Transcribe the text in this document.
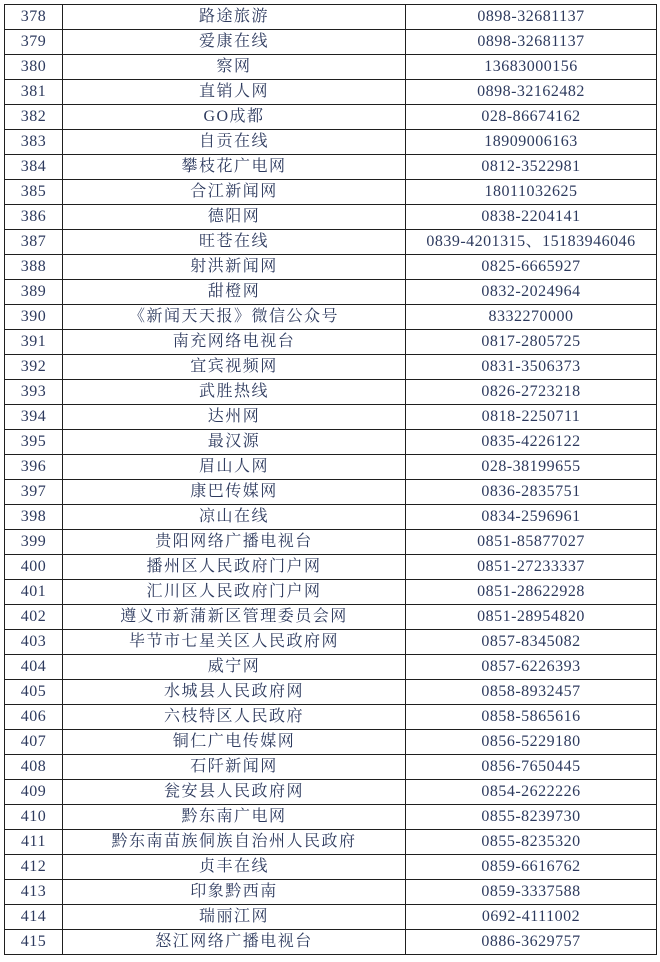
378	路途旅游	0898-32681137
379	爱康在线	0898-32681137
380	察网	13683000156
381	直销人网	0898-32162482
382	GO成都	028-86674162
383	自贡在线	18909006163
384	攀枝花广电网	0812-3522981
385	合江新闻网	18011032625
386	德阳网	0838-2204141
387	旺苍在线	0839-4201315、15183946046
388	射洪新闻网	0825-6665927
389	甜橙网	0832-2024964
390	《新闻天天报》微信公众号	8332270000
391	南充网络电视台	0817-2805725
392	宜宾视频网	0831-3506373
393	武胜热线	0826-2723218
394	达州网	0818-2250711
395	最汉源	0835-4226122
396	眉山人网	028-38199655
397	康巴传媒网	0836-2835751
398	凉山在线	0834-2596961
399	贵阳网络广播电视台	0851-85877027
400	播州区人民政府门户网	0851-27233337
401	汇川区人民政府门户网	0851-28622928
402	遵义市新蒲新区管理委员会网	0851-28954820
403	毕节市七星关区人民政府网	0857-8345082
404	威宁网	0857-6226393
405	水城县人民政府网	0858-8932457
406	六枝特区人民政府	0858-5865616
407	铜仁广电传媒网	0856-5229180
408	石阡新闻网	0856-7650445
409	瓮安县人民政府网	0854-2622226
410	黔东南广电网	0855-8239730
411	黔东南苗族侗族自治州人民政府	0855-8235320
412	贞丰在线	0859-6616762
413	印象黔西南	0859-3337588
414	瑞丽江网	0692-4111002
415	怒江网络广播电视台	0886-3629757
